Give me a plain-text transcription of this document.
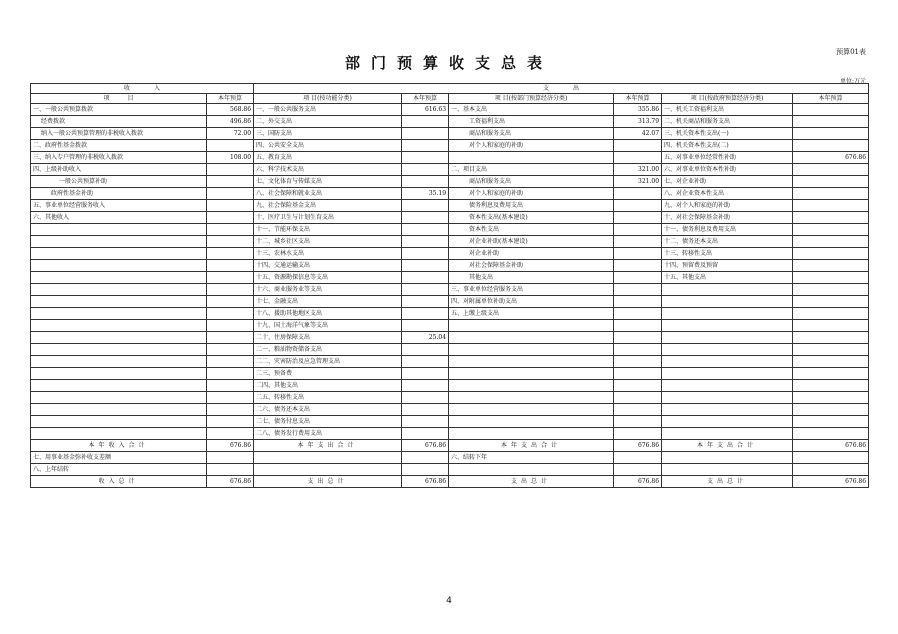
预算01表
部门预算收支总表
单位:万元
收　　　　入		支　　　　出					
项　　　目	本年预算	项 目(按功能分类)	本年预算	项 目(按部门预算经济分类)	本年预算	项 目(按政府预算经济分类)	本年预算
一、一般公共预算拨款	568.86	一、一般公共服务支出	616.63	一、基本支出	355.86	一、机关工资福利支出	
经费拨款	496.86	二、外交支出		工资福利支出	313.79	二、机关商品和服务支出	
纳入一般公共预算管理的非税收入拨款	72.00	三、国防支出		商品和服务支出	42.07	三、机关资本性支出(一)	
二、政府性基金拨款		四、公共安全支出		对个人和家庭的补助		四、机关资本性支出(二)	
三、纳入专户管理的非税收入拨款	108.00	五、教育支出				五、对事业单位经常性补助	676.86
四、上级补助收入		六、科学技术支出		二、项目支出	321.00	六、对事业单位资本性补助	
一般公共预算补助		七、文化体育与传媒支出		商品和服务支出	321.00	七、对企业补助	
政府性基金补助		八、社会保障和就业支出	35.19	对个人和家庭的补助		八、对企业资本性支出	
五、事业单位经营服务收入		九、社会保险基金支出		债务利息及费用支出		九、对个人和家庭的补助	
六、其他收入		十、医疗卫生与计划生育支出		资本性支出(基本建设)		十、对社会保障基金补助	
		十一、节能环保支出		资本性支出		十一、债务利息及费用支出	
		十二、城乡社区支出		对企业补助(基本建设)		十二、债务还本支出	
		十三、农林水支出		对企业补助		十三、转移性支出	
		十四、交通运输支出		对社会保障基金补助		十四、预留费及预留	
		十五、资源勘探信息等支出		其他支出		十五、其他支出	
		十六、商业服务业等支出		三、事业单位经营服务支出			
		十七、金融支出		四、对附属单位补助支出			
		十八、援助其他地区支出		五、上缴上级支出			
		十九、国土海洋气象等支出					
		二十、住房保障支出	25.04				
		二一、粮油物资储备支出					
		二二、灾害防治及应急管理支出					
		二三、预备费					
		二四、其他支出					
		二五、转移性支出					
		二六、债务还本支出					
		二七、债务付息支出					
		二八、债务发行费用支出					
本年收入合计	676.86	本年支出合计	676.86	本年支出合计	676.86	本年支出合计	676.86
七、用事业基金弥补收支差额				六、结转下年			
八、上年结转							
收入总计	676.86	支出总计	676.86	支出总计	676.86	支出总计	676.86
4
